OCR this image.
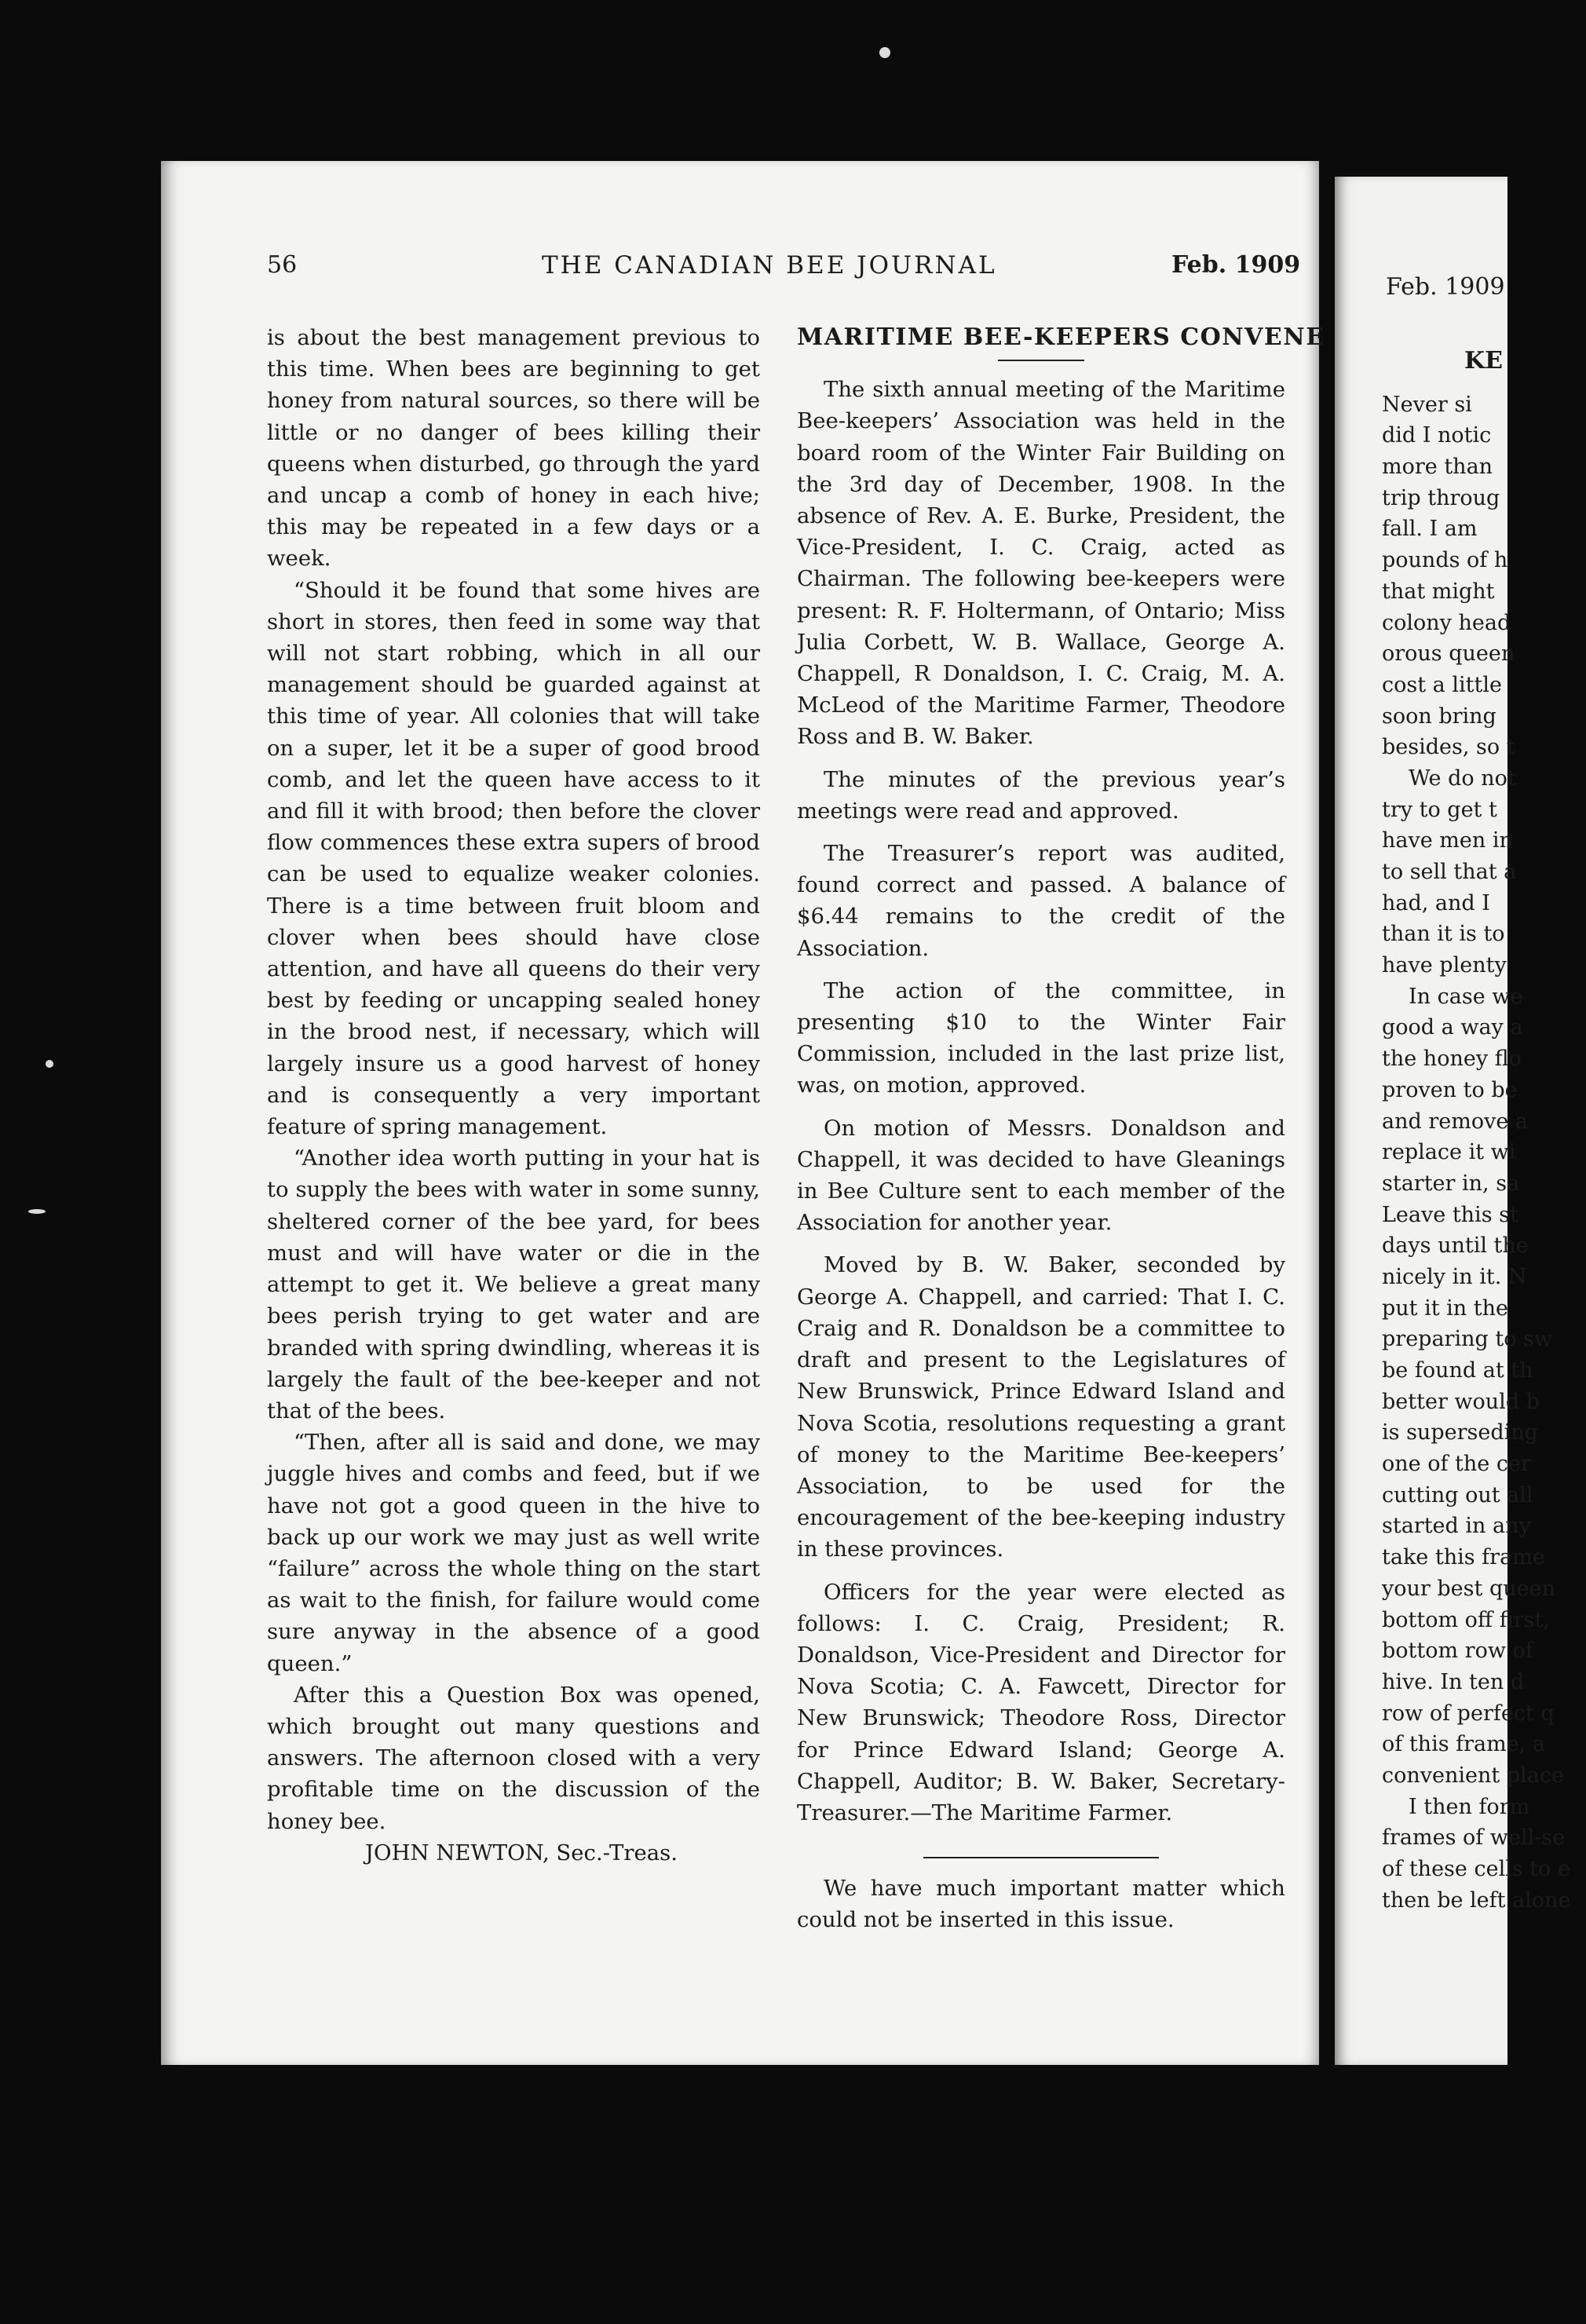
56	THE CANADIAN BEE JOURNAL	Feb. 1909
Feb. 1909

is about the best management previous to this time. When bees are beginning to get honey from natural sources, so there will be little or no danger of bees killing their queens when disturbed, go through the yard and uncap a comb of honey in each hive; this may be repeated in a few days or a week.

“Should it be found that some hives are short in stores, then feed in some way that will not start robbing, which in all our management should be guarded against at this time of year. All colonies that will take on a super, let it be a super of good brood comb, and let the queen have access to it and fill it with brood; then before the clover flow commences these extra supers of brood can be used to equalize weaker colonies. There is a time between fruit bloom and clover when bees should have close attention, and have all queens do their very best by feeding or uncapping sealed honey in the brood nest, if necessary, which will largely insure us a good harvest of honey and is consequently a very important feature of spring management.

“Another idea worth putting in your hat is to supply the bees with water in some sunny, sheltered corner of the bee yard, for bees must and will have water or die in the attempt to get it. We believe a great many bees perish trying to get water and are branded with spring dwindling, whereas it is largely the fault of the bee-keeper and not that of the bees.

“Then, after all is said and done, we may juggle hives and combs and feed, but if we have not got a good queen in the hive to back up our work we may just as well write “failure” across the whole thing on the start as wait to the finish, for failure would come sure anyway in the absence of a good queen.”

After this a Question Box was opened, which brought out many questions and answers. The afternoon closed with a very profitable time on the discussion of the honey bee.

JOHN NEWTON, Sec.-Treas.

MARITIME BEE-KEEPERS CONVENE

The sixth annual meeting of the Maritime Bee-keepers’ Association was held in the board room of the Winter Fair Building on the 3rd day of December, 1908. In the absence of Rev. A. E. Burke, President, the Vice-President, I. C. Craig, acted as Chairman. The following bee-keepers were present: R. F. Holtermann, of Ontario; Miss Julia Corbett, W. B. Wallace, George A. Chappell, R Donaldson, I. C. Craig, M. A. McLeod of the Maritime Farmer, Theodore Ross and B. W. Baker.

The minutes of the previous year’s meetings were read and approved.

The Treasurer’s report was audited, found correct and passed. A balance of $6.44 remains to the credit of the Association.

The action of the committee, in presenting $10 to the Winter Fair Commission, included in the last prize list, was, on motion, approved.

On motion of Messrs. Donaldson and Chappell, it was decided to have Gleanings in Bee Culture sent to each member of the Association for another year.

Moved by B. W. Baker, seconded by George A. Chappell, and carried: That I. C. Craig and R. Donaldson be a committee to draft and present to the Legislatures of New Brunswick, Prince Edward Island and Nova Scotia, resolutions requesting a grant of money to the Maritime Bee-keepers’ Association, to be used for the encouragement of the bee-keeping industry in these provinces.

Officers for the year were elected as follows: I. C. Craig, President; R. Donaldson, Vice-President and Director for Nova Scotia; C. A. Fawcett, Director for New Brunswick; Theodore Ross, Director for Prince Edward Island; George A. Chappell, Auditor; B. W. Baker, Secretary-Treasurer.—The Maritime Farmer.

We have much important matter which could not be inserted in this issue.

KE
Never si
did I notic
more than
trip throug
fall. I am
pounds of h
that might
colony head
orous queen
cost a little
soon bring
besides, so t
We do not
try to get t
have men in
to sell that a
had, and I
than it is to
have plenty
In case we
good a way a
the honey flo
proven to be
and remove a
replace it wi
starter in, sa
Leave this st
days until the
nicely in it. N
put it in the
preparing to sw
be found at th
better would b
is superseding
one of the cer
cutting out all
started in any
take this frame
your best queen
bottom off first,
bottom row of
hive. In ten d
row of perfect q
of this frame, a
convenient place
I then form
frames of well-se
of these cells to e
then be left alone
